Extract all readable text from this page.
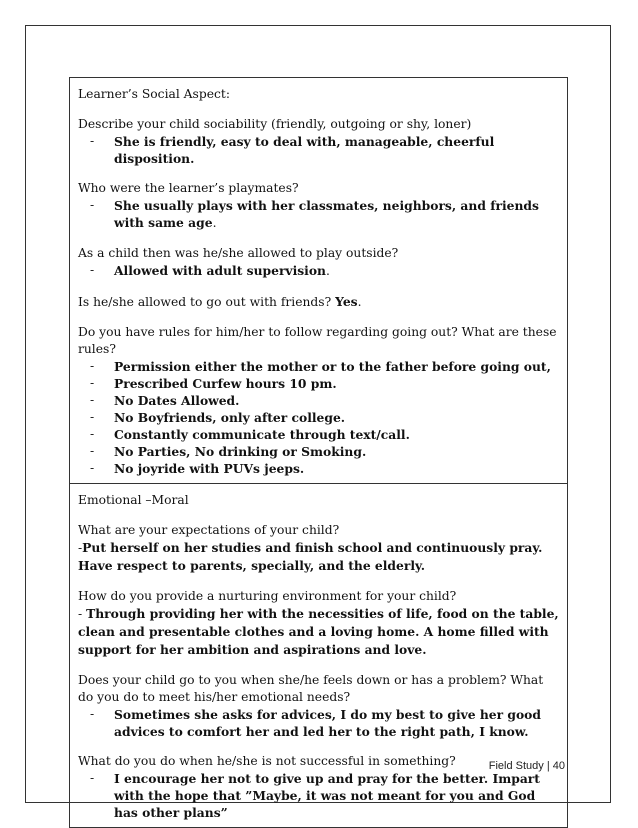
Learner’s Social Aspect:

Describe your child sociability (friendly, outgoing or shy, loner)

- She is friendly, easy to deal with, manageable, cheerful disposition.

Who were the learner’s playmates?

- She usually plays with her classmates, neighbors, and friends with same age.

As a child then was he/she allowed to play outside?

- Allowed with adult supervision.

Is he/she allowed to go out with friends? Yes.

Do you have rules for him/her to follow regarding going out? What are these rules?

- Permission either the mother or to the father before going out,
- Prescribed Curfew hours 10 pm.
- No Dates Allowed.
- No Boyfriends, only after college.
- Constantly communicate through text/call.
- No Parties, No drinking or Smoking.
- No joyride with PUVs jeeps.

Emotional –Moral

What are your expectations of your child?

-Put herself on her studies and finish school and continuously pray. Have respect to parents, specially, and the elderly.

How do you provide a nurturing environment for your child?

- Through providing her with the necessities of life, food on the table, clean and presentable clothes and a loving home. A home filled with support for her ambition and aspirations and love.

Does your child go to you when she/he feels down or has a problem? What do you do to meet his/her emotional needs?

- Sometimes she asks for advices, I do my best to give her good advices to comfort her and led her to the right path, I know.

What do you do when he/she is not successful in something?

- I encourage her not to give up and pray for the better. Impart with the hope that ”Maybe, it was not meant for you and God has other plans”
Field Study | 40
